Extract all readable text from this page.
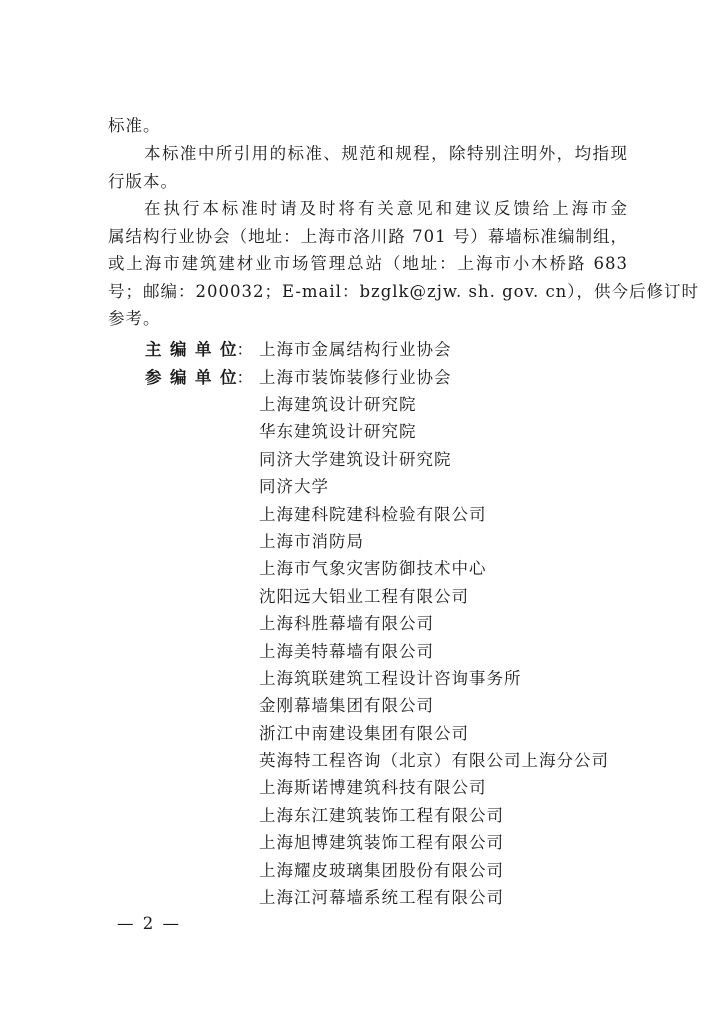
标准。
本标准中所引用的标准、规范和规程，除特别注明外，均指现
行版本。
在执行本标准时请及时将有关意见和建议反馈给上海市金
属结构行业协会（地址：上海市洛川路 701 号）幕墙标准编制组，
或上海市建筑建材业市场管理总站（地址：上海市小木桥路 683
号；邮编：200032；E-mail：bzglk@zjw. sh. gov. cn），供今后修订时
参考。
主 编 单 位： 上海市金属结构行业协会
参 编 单 位： 上海市装饰装修行业协会
上海建筑设计研究院
华东建筑设计研究院
同济大学建筑设计研究院
同济大学
上海建科院建科检验有限公司
上海市消防局
上海市气象灾害防御技术中心
沈阳远大铝业工程有限公司
上海科胜幕墙有限公司
上海美特幕墙有限公司
上海筑联建筑工程设计咨询事务所
金刚幕墙集团有限公司
浙江中南建设集团有限公司
英海特工程咨询（北京）有限公司上海分公司
上海斯诺博建筑科技有限公司
上海东江建筑装饰工程有限公司
上海旭博建筑装饰工程有限公司
上海耀皮玻璃集团股份有限公司
上海江河幕墙系统工程有限公司
— 2 —
